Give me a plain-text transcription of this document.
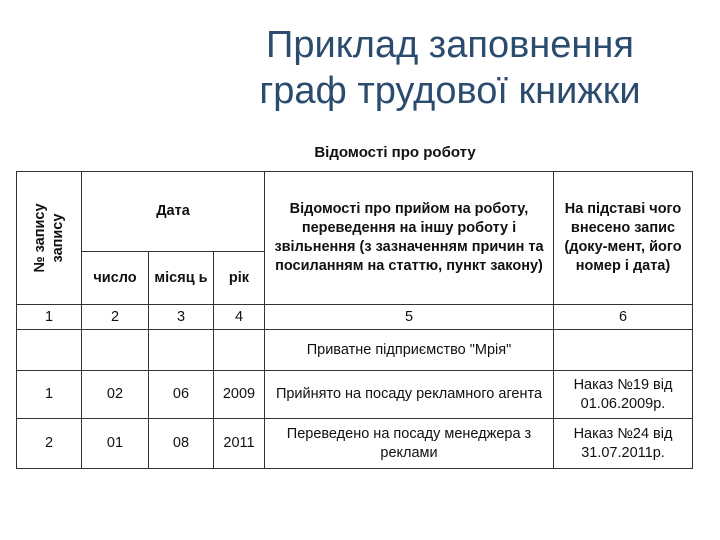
Приклад заповнення
граф трудової книжки
Відомості про роботу
№ запису запису	Дата			Відомості про прийом на роботу, переведення на іншу роботу і звільнення (з зазначенням причин та посиланням на статтю, пункт закону)	На підставі чого внесено запис (доку-мент, його номер і дата)
	число	місяц ь	рік		
1	2	3	4	5	6
				Приватне підприємство "Мрія"	
1	02	06	2009	Прийнято на посаду рекламного агента	Наказ №19 від 01.06.2009р.
2	01	08	2011	Переведено на посаду менеджера з реклами	Наказ №24 від 31.07.2011р.
